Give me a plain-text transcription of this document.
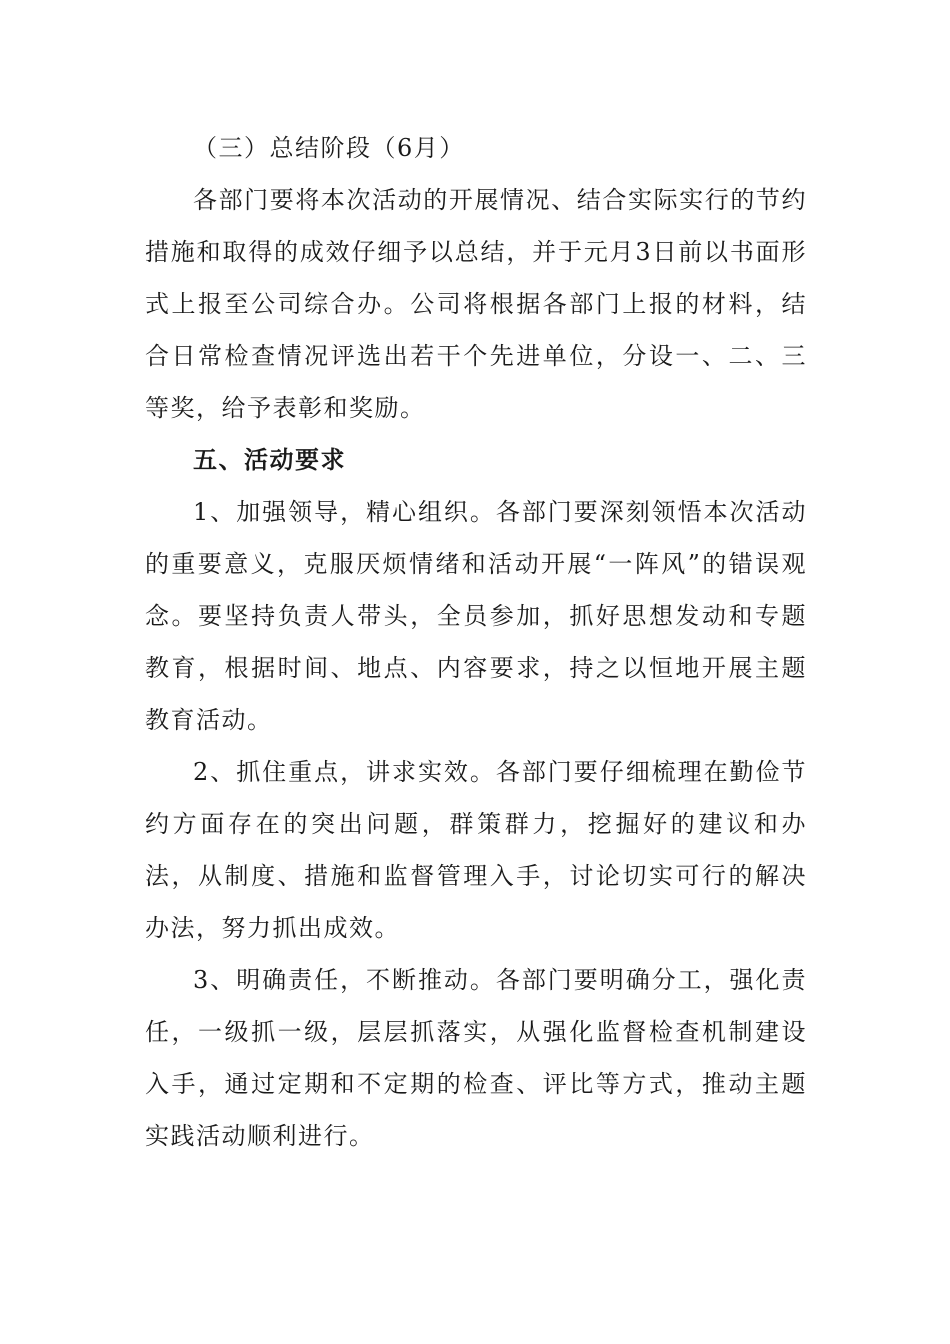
（三）总结阶段（6月）

各部门要将本次活动的开展情况、结合实际实行的节约措施和取得的成效仔细予以总结，并于元月3日前以书面形式上报至公司综合办。公司将根据各部门上报的材料，结合日常检查情况评选出若干个先进单位，分设一、二、三等奖，给予表彰和奖励。

五、活动要求

1、加强领导，精心组织。各部门要深刻领悟本次活动的重要意义，克服厌烦情绪和活动开展“一阵风”的错误观念。要坚持负责人带头，全员参加，抓好思想发动和专题教育，根据时间、地点、内容要求，持之以恒地开展主题教育活动。

2、抓住重点，讲求实效。各部门要仔细梳理在勤俭节约方面存在的突出问题，群策群力，挖掘好的建议和办法，从制度、措施和监督管理入手，讨论切实可行的解决办法，努力抓出成效。

3、明确责任，不断推动。各部门要明确分工，强化责任，一级抓一级，层层抓落实，从强化监督检查机制建设入手，通过定期和不定期的检查、评比等方式，推动主题实践活动顺利进行。
